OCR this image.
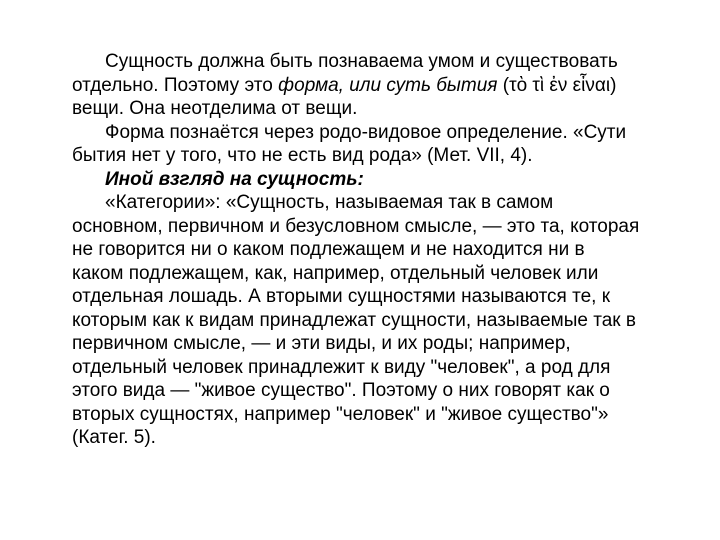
Сущность должна быть познаваема умом и существовать
отдельно. Поэтому это форма, или суть бытия (τὸ τὶ ἐν εἶναι)
вещи. Она неотделима от вещи.
Форма познаётся через родо-видовое определение. «Сути
бытия нет у того, что не есть вид рода» (Мет. VII, 4).
Иной взгляд на сущность:
«Категории»: «Сущность, называемая так в самом
основном, первичном и безусловном смысле, — это та, которая
не говорится ни о каком подлежащем и не находится ни в
каком подлежащем, как, например, отдельный человек или
отдельная лошадь. А вторыми сущностями называются те, к
которым как к видам принадлежат сущности, называемые так в
первичном смысле, — и эти виды, и их роды; например,
отдельный человек принадлежит к виду "человек", а род для
этого вида — "живое существо". Поэтому о них говорят как о
вторых сущностях, например "человек" и "живое существо"»
(Катег. 5).
